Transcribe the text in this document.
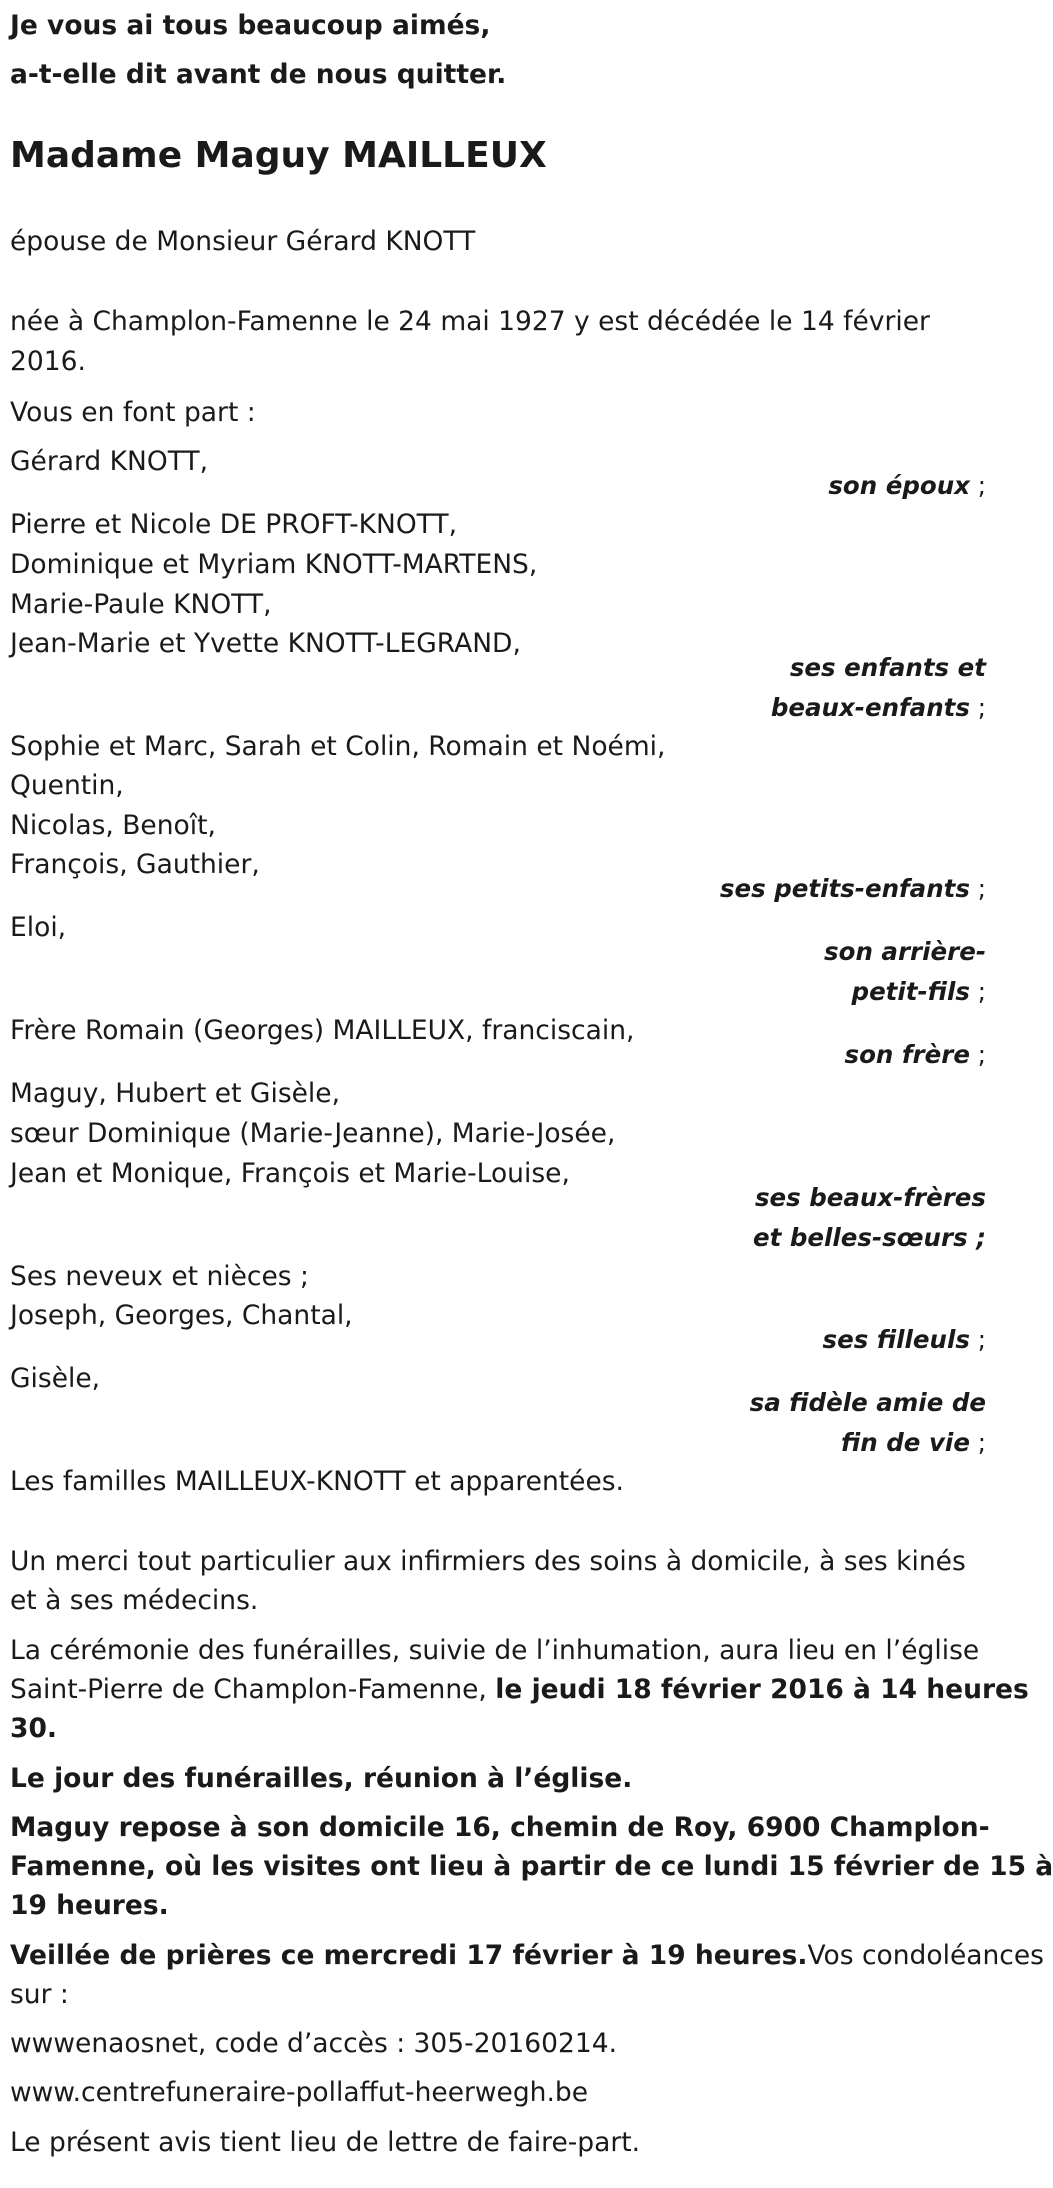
Je vous ai tous beaucoup aimés,
a-t-elle dit avant de nous quitter.
Madame Maguy MAILLEUX
épouse de Monsieur Gérard KNOTT
née à Champlon-Famenne le 24 mai 1927 y est décédée le 14 février
2016.
Vous en font part :
Gérard KNOTT,
son époux ;
Pierre et Nicole DE PROFT-KNOTT,
Dominique et Myriam KNOTT-MARTENS,
Marie-Paule KNOTT,
Jean-Marie et Yvette KNOTT-LEGRAND,
ses enfants et
beaux-enfants ;
Sophie et Marc, Sarah et Colin, Romain et Noémi,
Quentin,
Nicolas, Benoît,
François, Gauthier,
ses petits-enfants ;
Eloi,
son arrière-
petit-fils ;
Frère Romain (Georges) MAILLEUX, franciscain,
son frère ;
Maguy, Hubert et Gisèle,
sœur Dominique (Marie-Jeanne), Marie-Josée,
Jean et Monique, François et Marie-Louise,
ses beaux-frères
et belles-sœurs ;
Ses neveux et nièces ;
Joseph, Georges, Chantal,
ses filleuls ;
Gisèle,
sa fidèle amie de
fin de vie ;
Les familles MAILLEUX-KNOTT et apparentées.
Un merci tout particulier aux infirmiers des soins à domicile, à ses kinés
et à ses médecins.
La cérémonie des funérailles, suivie de l’inhumation, aura lieu en l’église
Saint-Pierre de Champlon-Famenne, le jeudi 18 février 2016 à 14 heures
30.
Le jour des funérailles, réunion à l’église.
Maguy repose à son domicile 16, chemin de Roy, 6900 Champlon-
Famenne, où les visites ont lieu à partir de ce lundi 15 février de 15 à
19 heures.
Veillée de prières ce mercredi 17 février à 19 heures.Vos condoléances
sur :
wwwenaosnet, code d’accès : 305-20160214.
www.centrefuneraire-pollaffut-heerwegh.be
Le présent avis tient lieu de lettre de faire-part.
